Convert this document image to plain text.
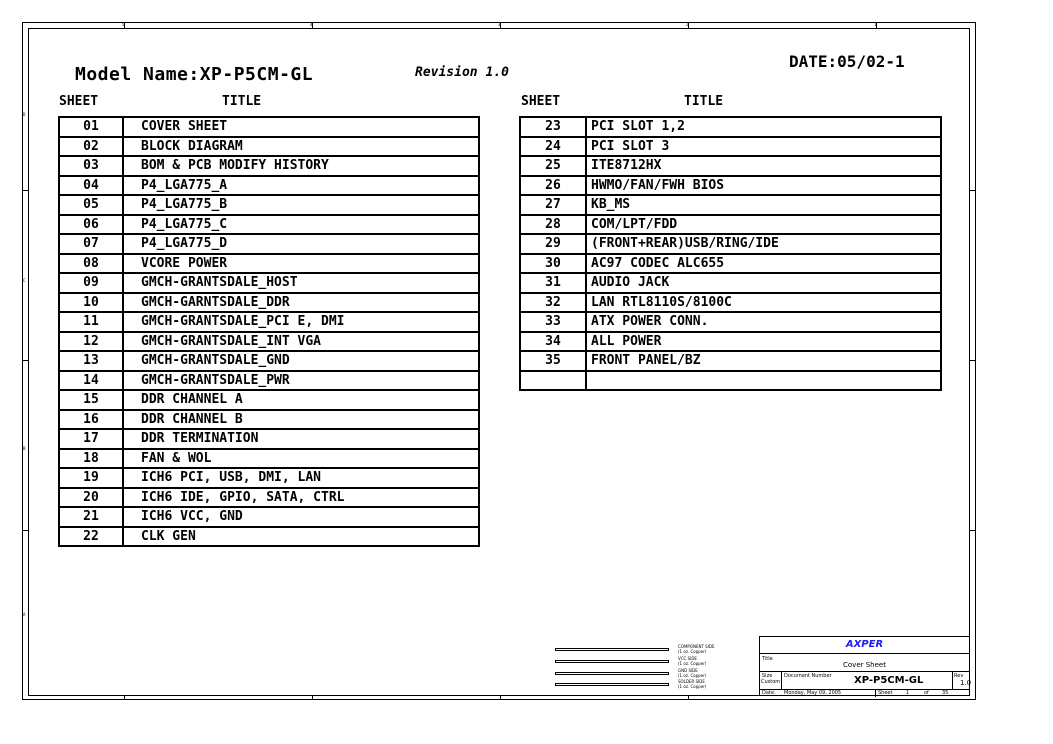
5	4	3	2	1
D
C
B
A
Model Name:XP-P5CM-GL	Revision 1.0
DATE:05/02-1
SHEET	TITLE	SHEET	TITLE
01	COVER SHEET
02	BLOCK DIAGRAM
03	BOM & PCB MODIFY HISTORY
04	P4_LGA775_A
05	P4_LGA775_B
06	P4_LGA775_C
07	P4_LGA775_D
08	VCORE POWER
09	GMCH-GRANTSDALE_HOST
10	GMCH-GARNTSDALE_DDR
11	GMCH-GRANTSDALE_PCI E, DMI
12	GMCH-GRANTSDALE_INT VGA
13	GMCH-GRANTSDALE_GND
14	GMCH-GRANTSDALE_PWR
15	DDR CHANNEL A
16	DDR CHANNEL B
17	DDR TERMINATION
18	FAN & WOL
19	ICH6 PCI, USB, DMI, LAN
20	ICH6 IDE, GPIO, SATA, CTRL
21	ICH6 VCC, GND
22	CLK GEN
23	PCI SLOT 1,2
24	PCI SLOT 3
25	ITE8712HX
26	HWMO/FAN/FWH BIOS
27	KB_MS
28	COM/LPT/FDD
29	(FRONT+REAR)USB/RING/IDE
30	AC97 CODEC ALC655
31	AUDIO JACK
32	LAN RTL8110S/8100C
33	ATX POWER CONN.
34	ALL POWER
35	FRONT PANEL/BZ

COMPONENT SIDE
(1 oz. Copper)
VCC SIDE
(1 oz. Copper)
GND SIDE
(1 oz. Copper)
SOLDER SIDE
(1 oz. Copper)
AXPER
Title
Cover Sheet
Size
Custom
Document Number XP-P5CM-GL	Rev
1.0
Date: Monday, May 09, 2005	Sheet	1	of	35
